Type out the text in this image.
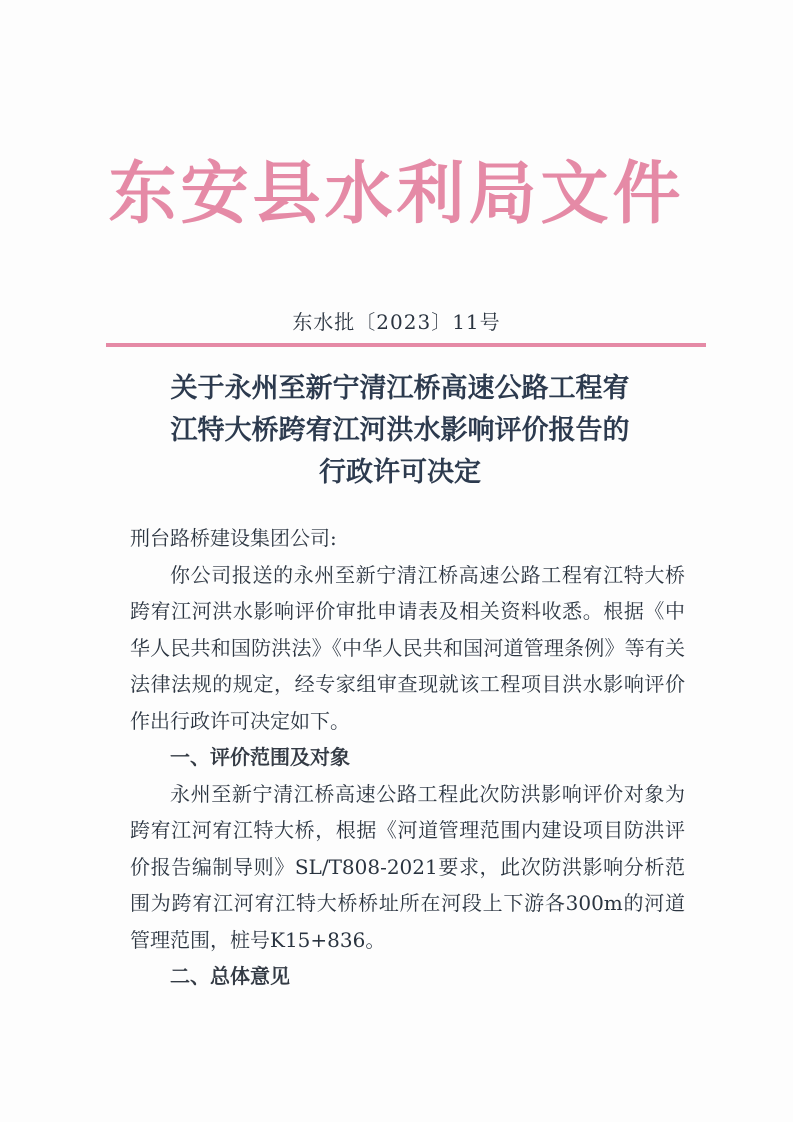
东安县水利局文件
东水批〔2023〕11号
关于永州至新宁清江桥高速公路工程宥
江特大桥跨宥江河洪水影响评价报告的
行政许可决定

刑台路桥建设集团公司:

你公司报送的永州至新宁清江桥高速公路工程宥江特大桥跨宥江河洪水影响评价审批申请表及相关资料收悉。根据《中华人民共和国防洪法》《中华人民共和国河道管理条例》等有关法律法规的规定，经专家组审查现就该工程项目洪水影响评价作出行政许可决定如下。

一、评价范围及对象

永州至新宁清江桥高速公路工程此次防洪影响评价对象为跨宥江河宥江特大桥，根据《河道管理范围内建设项目防洪评价报告编制导则》SL/T808-2021要求，此次防洪影响分析范围为跨宥江河宥江特大桥桥址所在河段上下游各300m的河道管理范围，桩号K15+836。

二、总体意见
